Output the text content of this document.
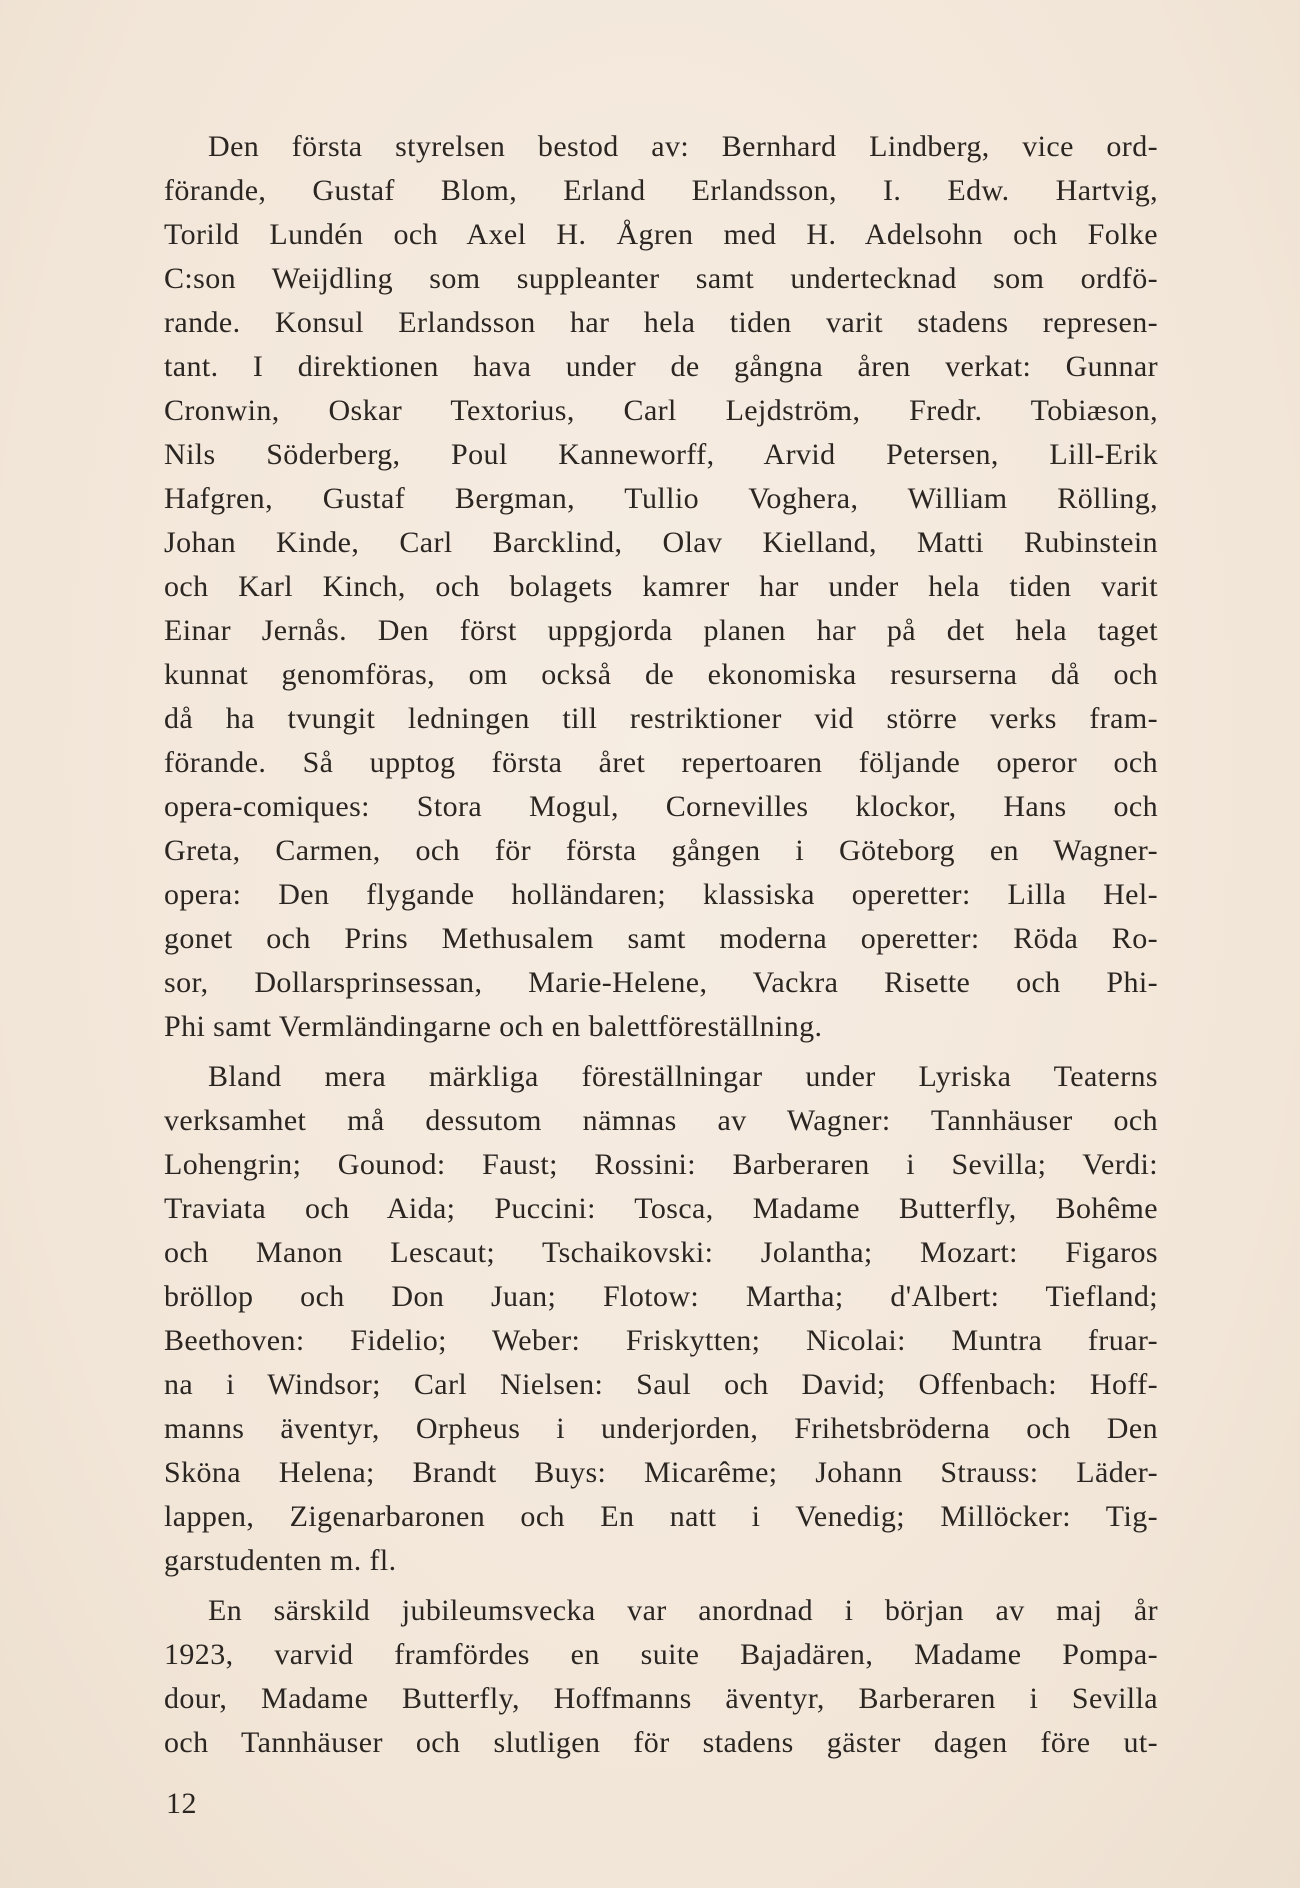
Den första styrelsen bestod av: Bernhard Lindberg, vice ord-
förande, Gustaf Blom, Erland Erlandsson, I. Edw. Hartvig,
Torild Lundén och Axel H. Ågren med H. Adelsohn och Folke
C:son Weijdling som suppleanter samt undertecknad som ordfö-
rande. Konsul Erlandsson har hela tiden varit stadens represen-
tant. I direktionen hava under de gångna åren verkat: Gunnar
Cronwin, Oskar Textorius, Carl Lejdström, Fredr. Tobiæson,
Nils Söderberg, Poul Kanneworff, Arvid Petersen, Lill-Erik
Hafgren, Gustaf Bergman, Tullio Voghera, William Rölling,
Johan Kinde, Carl Barcklind, Olav Kielland, Matti Rubinstein
och Karl Kinch, och bolagets kamrer har under hela tiden varit
Einar Jernås. Den först uppgjorda planen har på det hela taget
kunnat genomföras, om också de ekonomiska resurserna då och
då ha tvungit ledningen till restriktioner vid större verks fram-
förande. Så upptog första året repertoaren följande operor och
opera-comiques: Stora Mogul, Cornevilles klockor, Hans och
Greta, Carmen, och för första gången i Göteborg en Wagner-
opera: Den flygande holländaren; klassiska operetter: Lilla Hel-
gonet och Prins Methusalem samt moderna operetter: Röda Ro-
sor, Dollarsprinsessan, Marie-Helene, Vackra Risette och Phi-
Phi samt Vermländingarne och en balettföreställning.
Bland mera märkliga föreställningar under Lyriska Teaterns
verksamhet må dessutom nämnas av Wagner: Tannhäuser och
Lohengrin; Gounod: Faust; Rossini: Barberaren i Sevilla; Verdi:
Traviata och Aida; Puccini: Tosca, Madame Butterfly, Bohême
och Manon Lescaut; Tschaikovski: Jolantha; Mozart: Figaros
bröllop och Don Juan; Flotow: Martha; d'Albert: Tiefland;
Beethoven: Fidelio; Weber: Friskytten; Nicolai: Muntra fruar-
na i Windsor; Carl Nielsen: Saul och David; Offenbach: Hoff-
manns äventyr, Orpheus i underjorden, Frihetsbröderna och Den
Sköna Helena; Brandt Buys: Micarême; Johann Strauss: Läder-
lappen, Zigenarbaronen och En natt i Venedig; Millöcker: Tig-
garstudenten m. fl.
En särskild jubileumsvecka var anordnad i början av maj år
1923, varvid framfördes en suite Bajadären, Madame Pompa-
dour, Madame Butterfly, Hoffmanns äventyr, Barberaren i Sevilla
och Tannhäuser och slutligen för stadens gäster dagen före ut-
12
